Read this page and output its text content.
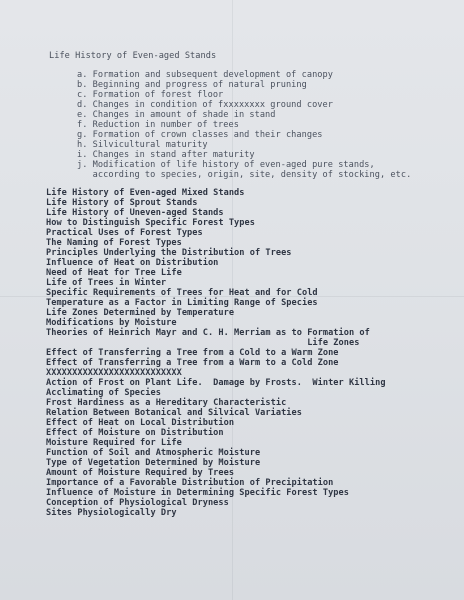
Life History of Even-aged Stands
a. Formation and subsequent development of canopy
b. Beginning and progress of natural pruning
c. Formation of forest floor
d. Changes in condition of fxxxxxxxx ground cover
e. Changes in amount of shade in stand
f. Reduction in number of trees
g. Formation of crown classes and their changes
h. Silvicultural maturity
i. Changes in stand after maturity
j. Modification of life history of even-aged pure stands,
according to species, origin, site, density of stocking, etc.
Life History of Even-aged Mixed Stands
Life History of Sprout Stands
Life History of Uneven-aged Stands
How to Distinguish Specific Forest Types
Practical Uses of Forest Types
The Naming of Forest Types
Principles Underlying the Distribution of Trees
Influence of Heat on Distribution
Need of Heat for Tree Life
Life of Trees in Winter
Specific Requirements of Trees for Heat and for Cold
Temperature as a Factor in Limiting Range of Species
Life Zones Determined by Temperature
Modifications by Moisture
Theories of Heinrich Mayr and C. H. Merriam as to Formation of
Life Zones
Effect of Transferring a Tree from a Cold to a Warm Zone
Effect of Transferring a Tree from a Warm to a Cold Zone
XXXXXXXXXXXXXXXXXXXXXXXXXX
Action of Frost on Plant Life.  Damage by Frosts.  Winter Killing
Acclimating of Species
Frost Hardiness as a Hereditary Characteristic
Relation Between Botanical and Silvical Variaties
Effect of Heat on Local Distribution
Effect of Moisture on Distribution
Moisture Required for Life
Function of Soil and Atmospheric Moisture
Type of Vegetation Determined by Moisture
Amount of Moisture Required by Trees
Importance of a Favorable Distribution of Precipitation
Influence of Moisture in Determining Specific Forest Types
Conception of Physiological Dryness
Sites Physiologically Dry
